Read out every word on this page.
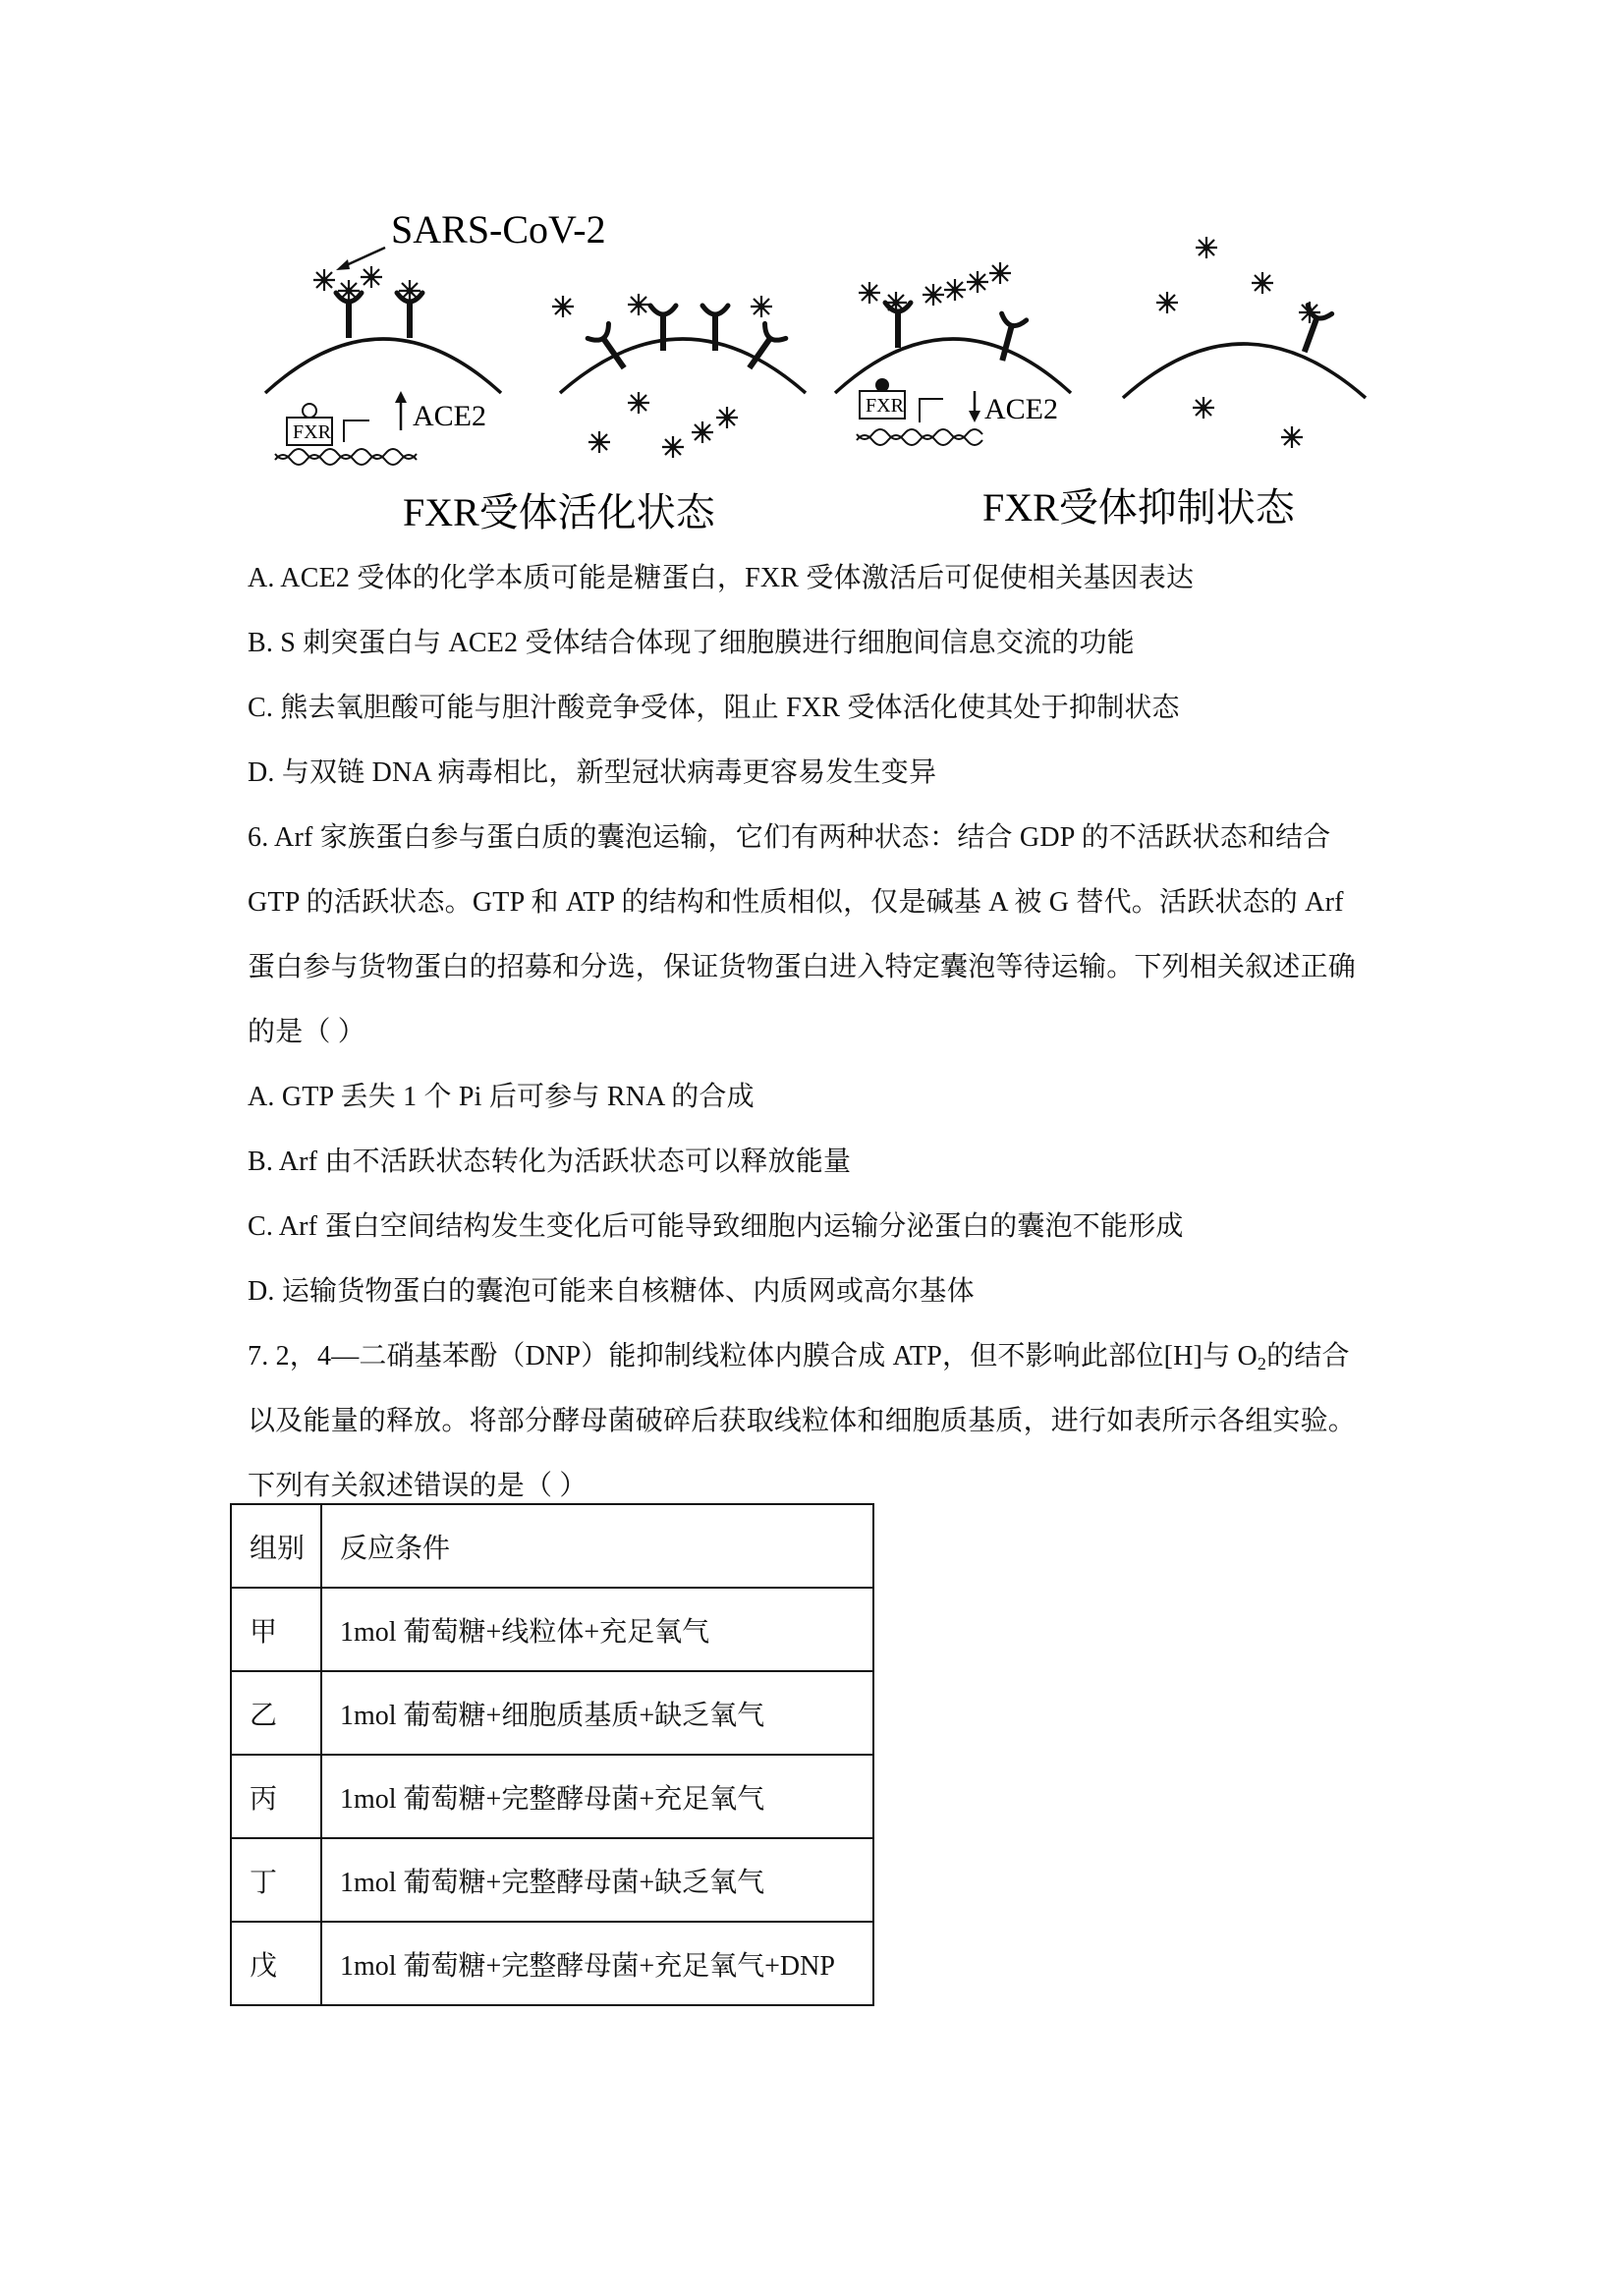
SARS-CoV-2
FXR	ACE2	FXR	ACE2
FXR受体活化状态	FXR受体抑制状态
A. ACE2 受体的化学本质可能是糖蛋白，FXR 受体激活后可促使相关基因表达
B. S 刺突蛋白与 ACE2 受体结合体现了细胞膜进行细胞间信息交流的功能
C. 熊去氧胆酸可能与胆汁酸竞争受体，阻止 FXR 受体活化使其处于抑制状态
D. 与双链 DNA 病毒相比，新型冠状病毒更容易发生变异
6. Arf 家族蛋白参与蛋白质的囊泡运输，它们有两种状态：结合 GDP 的不活跃状态和结合
GTP 的活跃状态。GTP 和 ATP 的结构和性质相似，仅是碱基 A 被 G 替代。活跃状态的 Arf
蛋白参与货物蛋白的招募和分选，保证货物蛋白进入特定囊泡等待运输。下列相关叙述正确
的是（ ）
A. GTP 丢失 1 个 Pi 后可参与 RNA 的合成
B. Arf 由不活跃状态转化为活跃状态可以释放能量
C. Arf 蛋白空间结构发生变化后可能导致细胞内运输分泌蛋白的囊泡不能形成
D. 运输货物蛋白的囊泡可能来自核糖体、内质网或高尔基体
7. 2，4—二硝基苯酚（DNP）能抑制线粒体内膜合成 ATP，但不影响此部位[H]与 $O_2$的结合
以及能量的释放。将部分酵母菌破碎后获取线粒体和细胞质基质，进行如表所示各组实验。
下列有关叙述错误的是（ ）
组别	反应条件
甲	1mol 葡萄糖+线粒体+充足氧气
乙	1mol 葡萄糖+细胞质基质+缺乏氧气
丙	1mol 葡萄糖+完整酵母菌+充足氧气
丁	1mol 葡萄糖+完整酵母菌+缺乏氧气
戊	1mol 葡萄糖+完整酵母菌+充足氧气+DNP
